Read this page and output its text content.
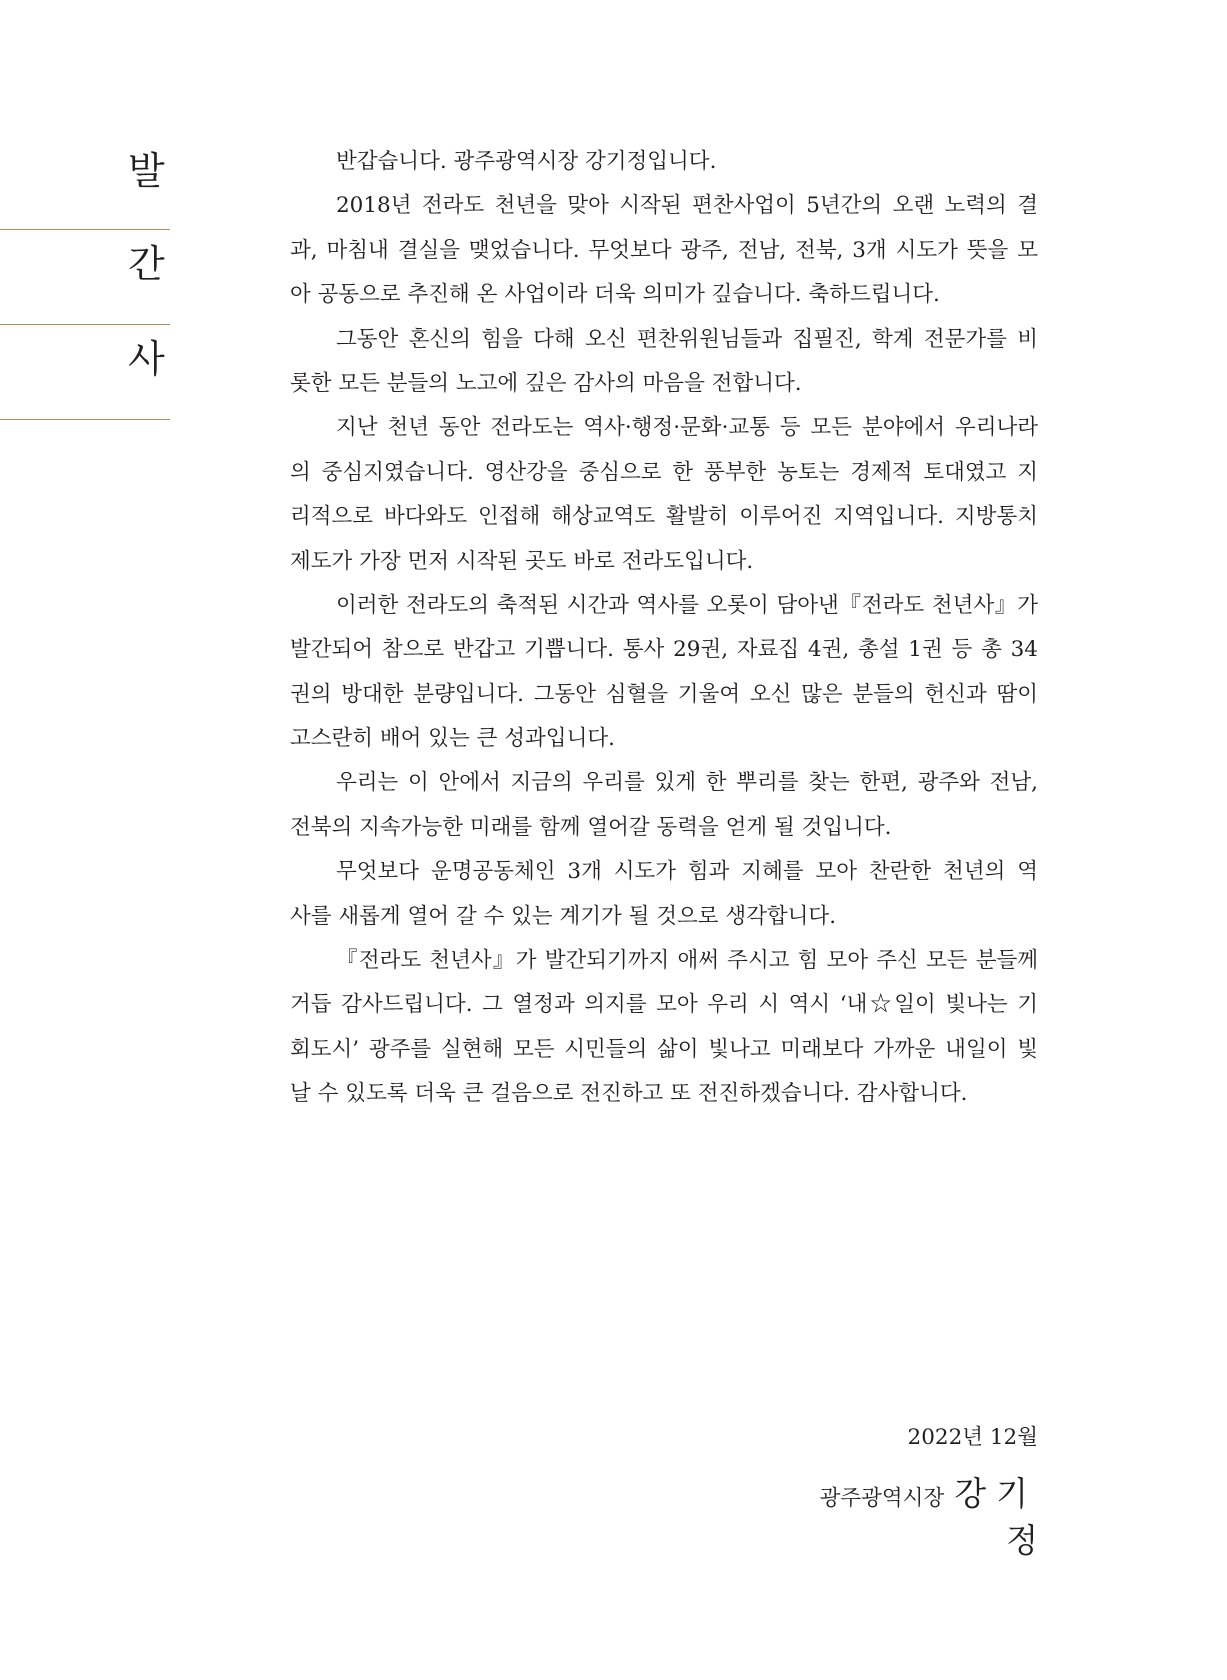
발
간
사
반갑습니다. 광주광역시장 강기정입니다.
2018년 전라도 천년을 맞아 시작된 편찬사업이 5년간의 오랜 노력의 결
과, 마침내 결실을 맺었습니다. 무엇보다 광주, 전남, 전북, 3개 시도가 뜻을 모
아 공동으로 추진해 온 사업이라 더욱 의미가 깊습니다. 축하드립니다.
그동안 혼신의 힘을 다해 오신 편찬위원님들과 집필진, 학계 전문가를 비
롯한 모든 분들의 노고에 깊은 감사의 마음을 전합니다.
지난 천년 동안 전라도는 역사·행정·문화·교통 등 모든 분야에서 우리나라
의 중심지였습니다. 영산강을 중심으로 한 풍부한 농토는 경제적 토대였고 지
리적으로 바다와도 인접해 해상교역도 활발히 이루어진 지역입니다. 지방통치
제도가 가장 먼저 시작된 곳도 바로 전라도입니다.
이러한 전라도의 축적된 시간과 역사를 오롯이 담아낸『전라도 천년사』가
발간되어 참으로 반갑고 기쁩니다. 통사 29권, 자료집 4권, 총설 1권 등 총 34
권의 방대한 분량입니다. 그동안 심혈을 기울여 오신 많은 분들의 헌신과 땀이
고스란히 배어 있는 큰 성과입니다.
우리는 이 안에서 지금의 우리를 있게 한 뿌리를 찾는 한편, 광주와 전남,
전북의 지속가능한 미래를 함께 열어갈 동력을 얻게 될 것입니다.
무엇보다 운명공동체인 3개 시도가 힘과 지혜를 모아 찬란한 천년의 역
사를 새롭게 열어 갈 수 있는 계기가 될 것으로 생각합니다.
『전라도 천년사』가 발간되기까지 애써 주시고 힘 모아 주신 모든 분들께
거듭 감사드립니다. 그 열정과 의지를 모아 우리 시 역시 ‘내☆일이 빛나는 기
회도시’ 광주를 실현해 모든 시민들의 삶이 빛나고 미래보다 가까운 내일이 빛
날 수 있도록 더욱 큰 걸음으로 전진하고 또 전진하겠습니다. 감사합니다.
2022년 12월
광주광역시장 강기정
